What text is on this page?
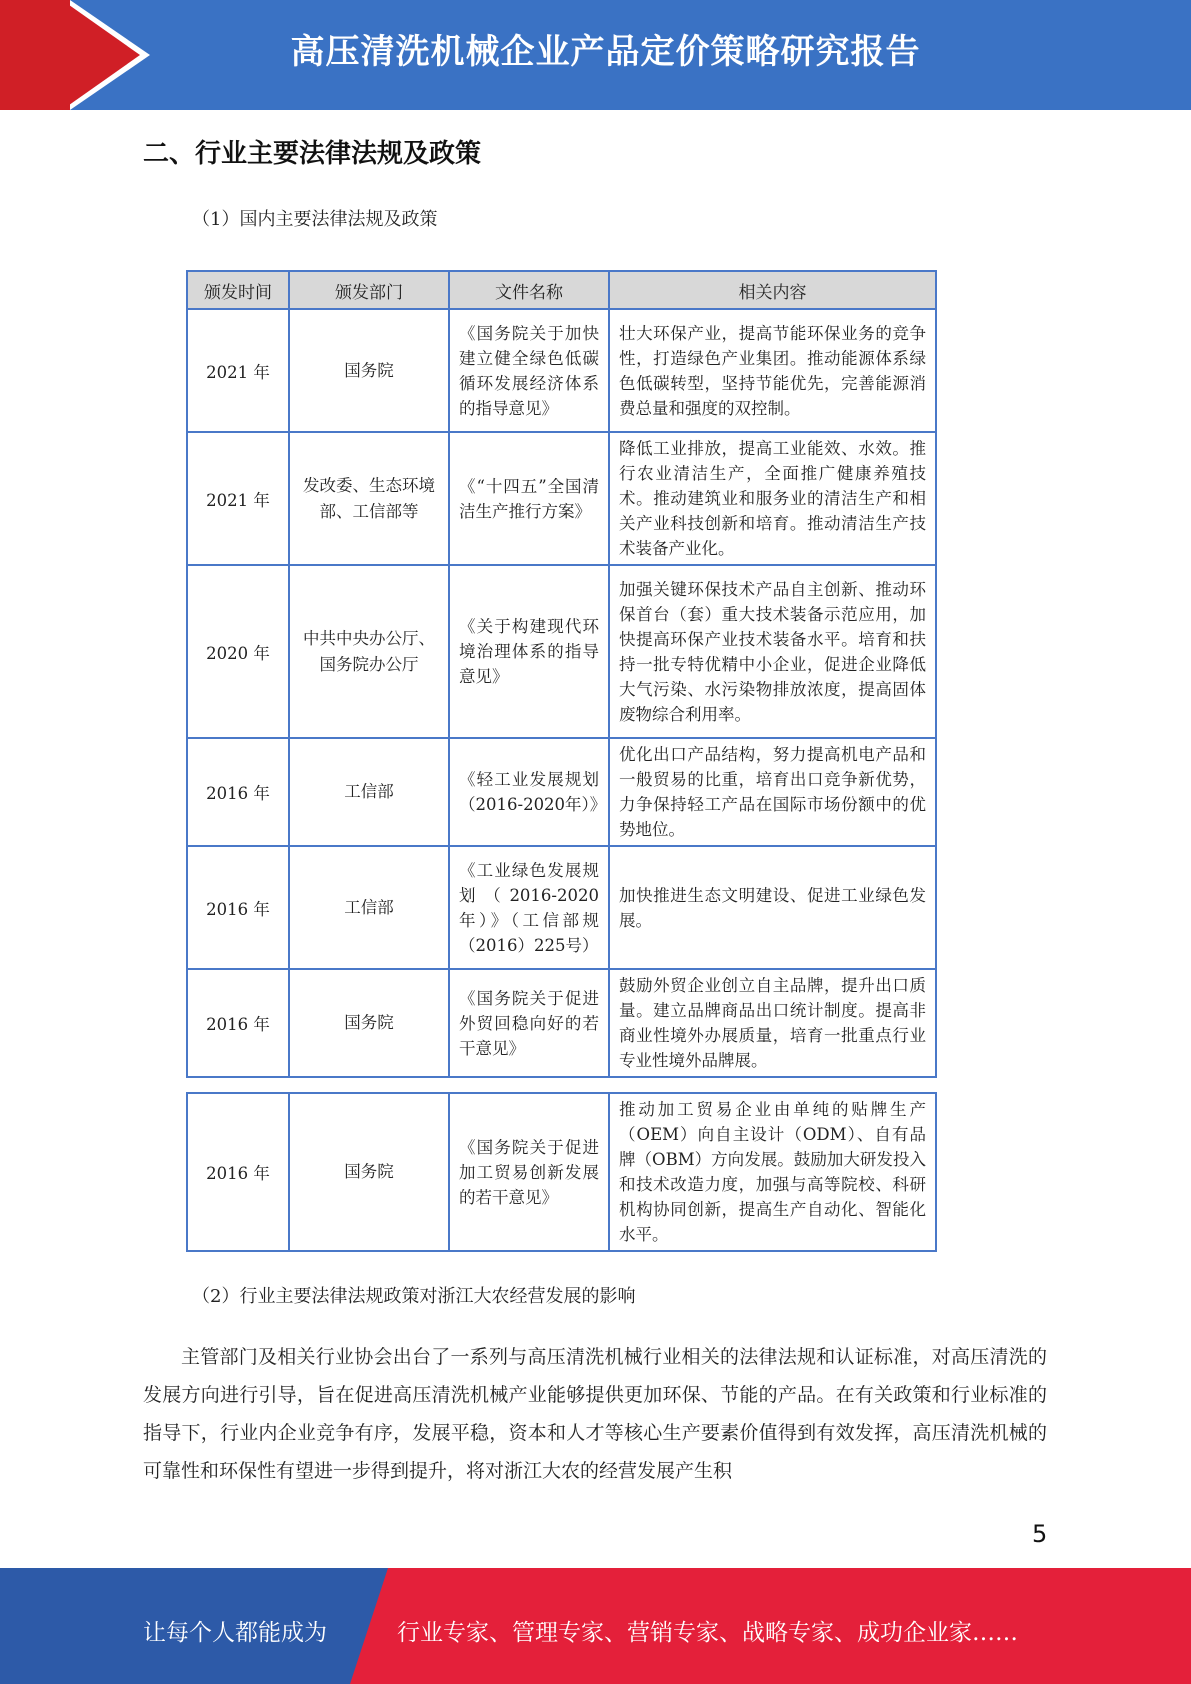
高压清洗机械企业产品定价策略研究报告
二、行业主要法律法规及政策
（1）国内主要法律法规及政策
颁发时间	颁发部门	文件名称	相关内容
2021 年	国务院	《国务院关于加快建立健全绿色低碳循环发展经济体系的指导意见》	壮大环保产业，提高节能环保业务的竞争性，打造绿色产业集团。推动能源体系绿色低碳转型，坚持节能优先，完善能源消费总量和强度的双控制。
2021 年	发改委、生态环境部、工信部等	《“十四五”全国清洁生产推行方案》	降低工业排放，提高工业能效、水效。推行农业清洁生产，全面推广健康养殖技术。推动建筑业和服务业的清洁生产和相关产业科技创新和培育。推动清洁生产技术装备产业化。
2020 年	中共中央办公厅、国务院办公厅	《关于构建现代环境治理体系的指导意见》	加强关键环保技术产品自主创新、推动环保首台（套）重大技术装备示范应用，加快提高环保产业技术装备水平。培育和扶持一批专特优精中小企业，促进企业降低大气污染、水污染物排放浓度，提高固体废物综合利用率。
2016 年	工信部	《轻工业发展规划（2016-2020年）》	优化出口产品结构，努力提高机电产品和一般贸易的比重，培育出口竞争新优势，力争保持轻工产品在国际市场份额中的优势地位。
2016 年	工信部	《工业绿色发展规划（2016-2020年）》（工信部规（2016）225号）	加快推进生态文明建设、促进工业绿色发展。
2016 年	国务院	《国务院关于促进外贸回稳向好的若干意见》	鼓励外贸企业创立自主品牌，提升出口质量。建立品牌商品出口统计制度。提高非商业性境外办展质量，培育一批重点行业专业性境外品牌展。
2016 年	国务院	《国务院关于促进加工贸易创新发展的若干意见》	推动加工贸易企业由单纯的贴牌生产（OEM）向自主设计（ODM）、自有品牌（OBM）方向发展。鼓励加大研发投入和技术改造力度，加强与高等院校、科研机构协同创新，提高生产自动化、智能化水平。
（2）行业主要法律法规政策对浙江大农经营发展的影响
主管部门及相关行业协会出台了一系列与高压清洗机械行业相关的法律法规和认证标准，对高压清洗的发展方向进行引导，旨在促进高压清洗机械产业能够提供更加环保、节能的产品。在有关政策和行业标准的指导下，行业内企业竞争有序，发展平稳，资本和人才等核心生产要素价值得到有效发挥，高压清洗机械的可靠性和环保性有望进一步得到提升，将对浙江大农的经营发展产生积
5
让每个人都能成为	行业专家、管理专家、营销专家、战略专家、成功企业家……
